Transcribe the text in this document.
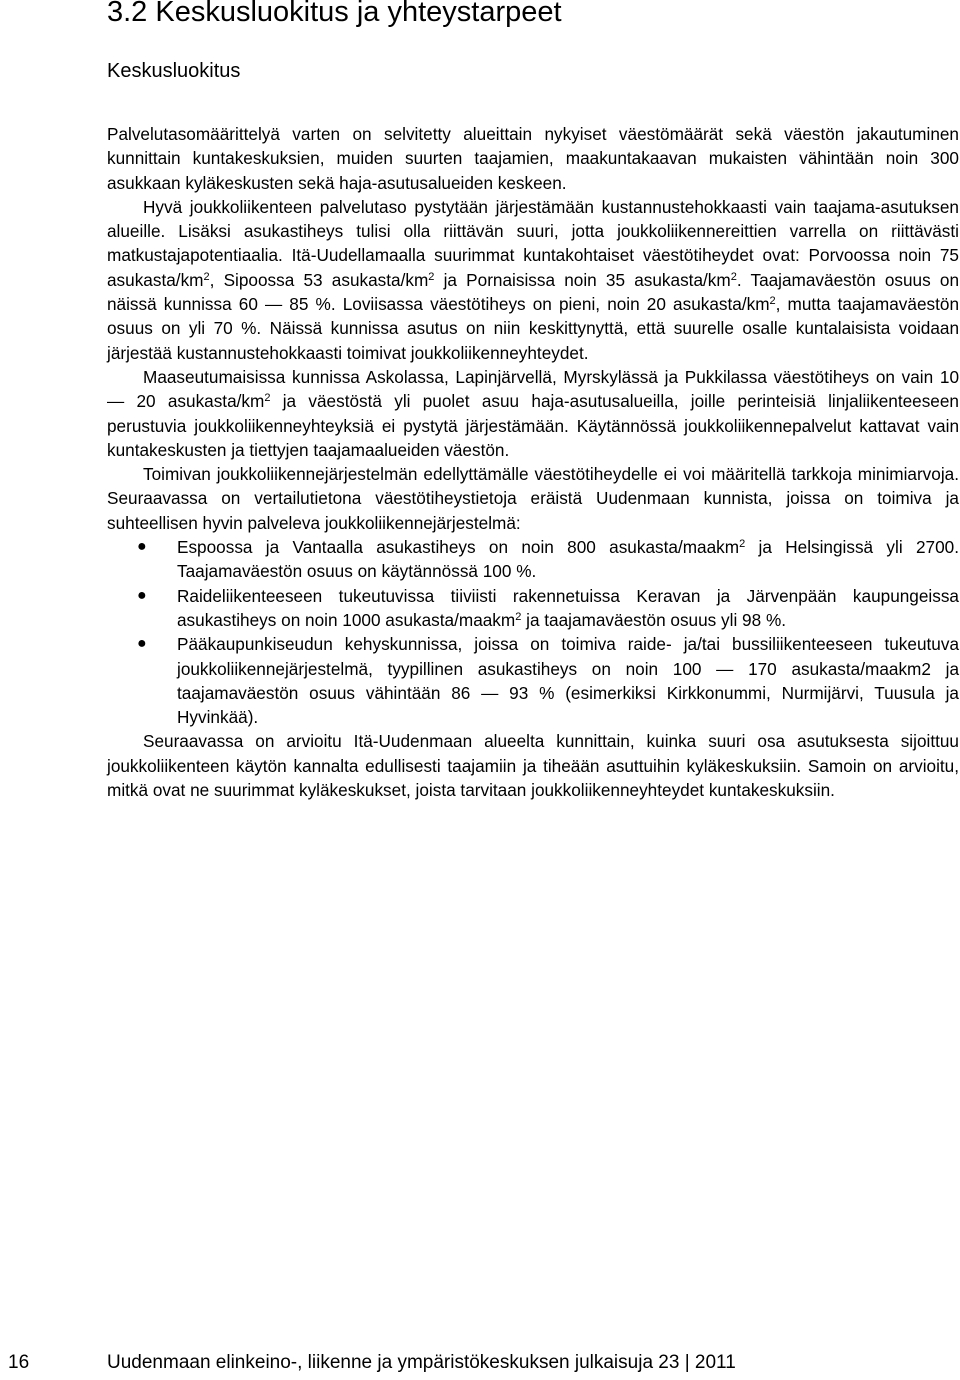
3.2 Keskusluokitus ja yhteystarpeet
Keskusluokitus

Palvelutasomäärittelyä varten on selvitetty alueittain nykyiset väestömäärät sekä väestön jakautuminen kunnittain kuntakeskuksien, muiden suurten taajamien, maakuntakaavan mukaisten vähintään noin 300 asukkaan kyläkeskusten sekä haja-asutusalueiden keskeen.

Hyvä joukkoliikenteen palvelutaso pystytään järjestämään kustannustehokkaasti vain taajama-asutuksen alueille. Lisäksi asukastiheys tulisi olla riittävän suuri, jotta joukkoliikennereittien varrella on riittävästi matkustajapotentiaalia. Itä-Uudellamaalla suurimmat kuntakohtaiset väestötiheydet ovat: Porvoossa noin 75 asukasta/$km^2$, Sipoossa 53 asukasta/$km^2$ ja Pornaisissa noin 35 asukasta/$km^2$. Taajamaväestön osuus on näissä kunnissa 60 — 85 %. Loviisassa väestötiheys on pieni, noin 20 asukasta/$km^2$, mutta taajamaväestön osuus on yli 70 %. Näissä kunnissa asutus on niin keskittynyttä, että suurelle osalle kuntalaisista voidaan järjestää kustannustehokkaasti toimivat joukkoliikenneyhteydet.

Maaseutumaisissa kunnissa Askolassa, Lapinjärvellä, Myrskylässä ja Pukkilassa väestötiheys on vain 10 — 20 asukasta/$km^2$ ja väestöstä yli puolet asuu haja-asutusalueilla, joille perinteisiä linjaliikenteeseen perustuvia joukkoliikenneyhteyksiä ei pystytä järjestämään. Käytännössä joukkoliikennepalvelut kattavat vain kuntakeskusten ja tiettyjen taajamaalueiden väestön.

Toimivan joukkoliikennejärjestelmän edellyttämälle väestötiheydelle ei voi määritellä tarkkoja minimiarvoja. Seuraavassa on vertailutietona väestötiheystietoja eräistä Uudenmaan kunnista, joissa on toimiva ja suhteellisen hyvin palveleva joukkoliikennejärjestelmä:

● Espoossa ja Vantaalla asukastiheys on noin 800 asukasta/maakm$^2$ ja Helsingissä yli 2700. Taajamaväestön osuus on käytännössä 100 %.
● Raideliikenteeseen tukeutuvissa tiiviisti rakennetuissa Keravan ja Järvenpään kaupungeissa asukastiheys on noin 1000 asukasta/maakm$^2$ ja taajamaväestön osuus yli 98 %.
● Pääkaupunkiseudun kehyskunnissa, joissa on toimiva raide- ja/tai bussiliikenteeseen tukeutuva joukkoliikennejärjestelmä, tyypillinen asukastiheys on noin 100 — 170 asukasta/maakm2 ja taajamaväestön osuus vähintään 86 — 93 % (esimerkiksi Kirkkonummi, Nurmijärvi, Tuusula ja Hyvinkää).

Seuraavassa on arvioitu Itä-Uudenmaan alueelta kunnittain, kuinka suuri osa asutuksesta sijoittuu joukkoliikenteen käytön kannalta edullisesti taajamiin ja tiheään asuttuihin kyläkeskuksiin. Samoin on arvioitu, mitkä ovat ne suurimmat kyläkeskukset, joista tarvitaan joukkoliikenneyhteydet kuntakeskuksiin.

16	Uudenmaan elinkeino-, liikenne ja ympäristökeskuksen julkaisuja 23 | 2011
